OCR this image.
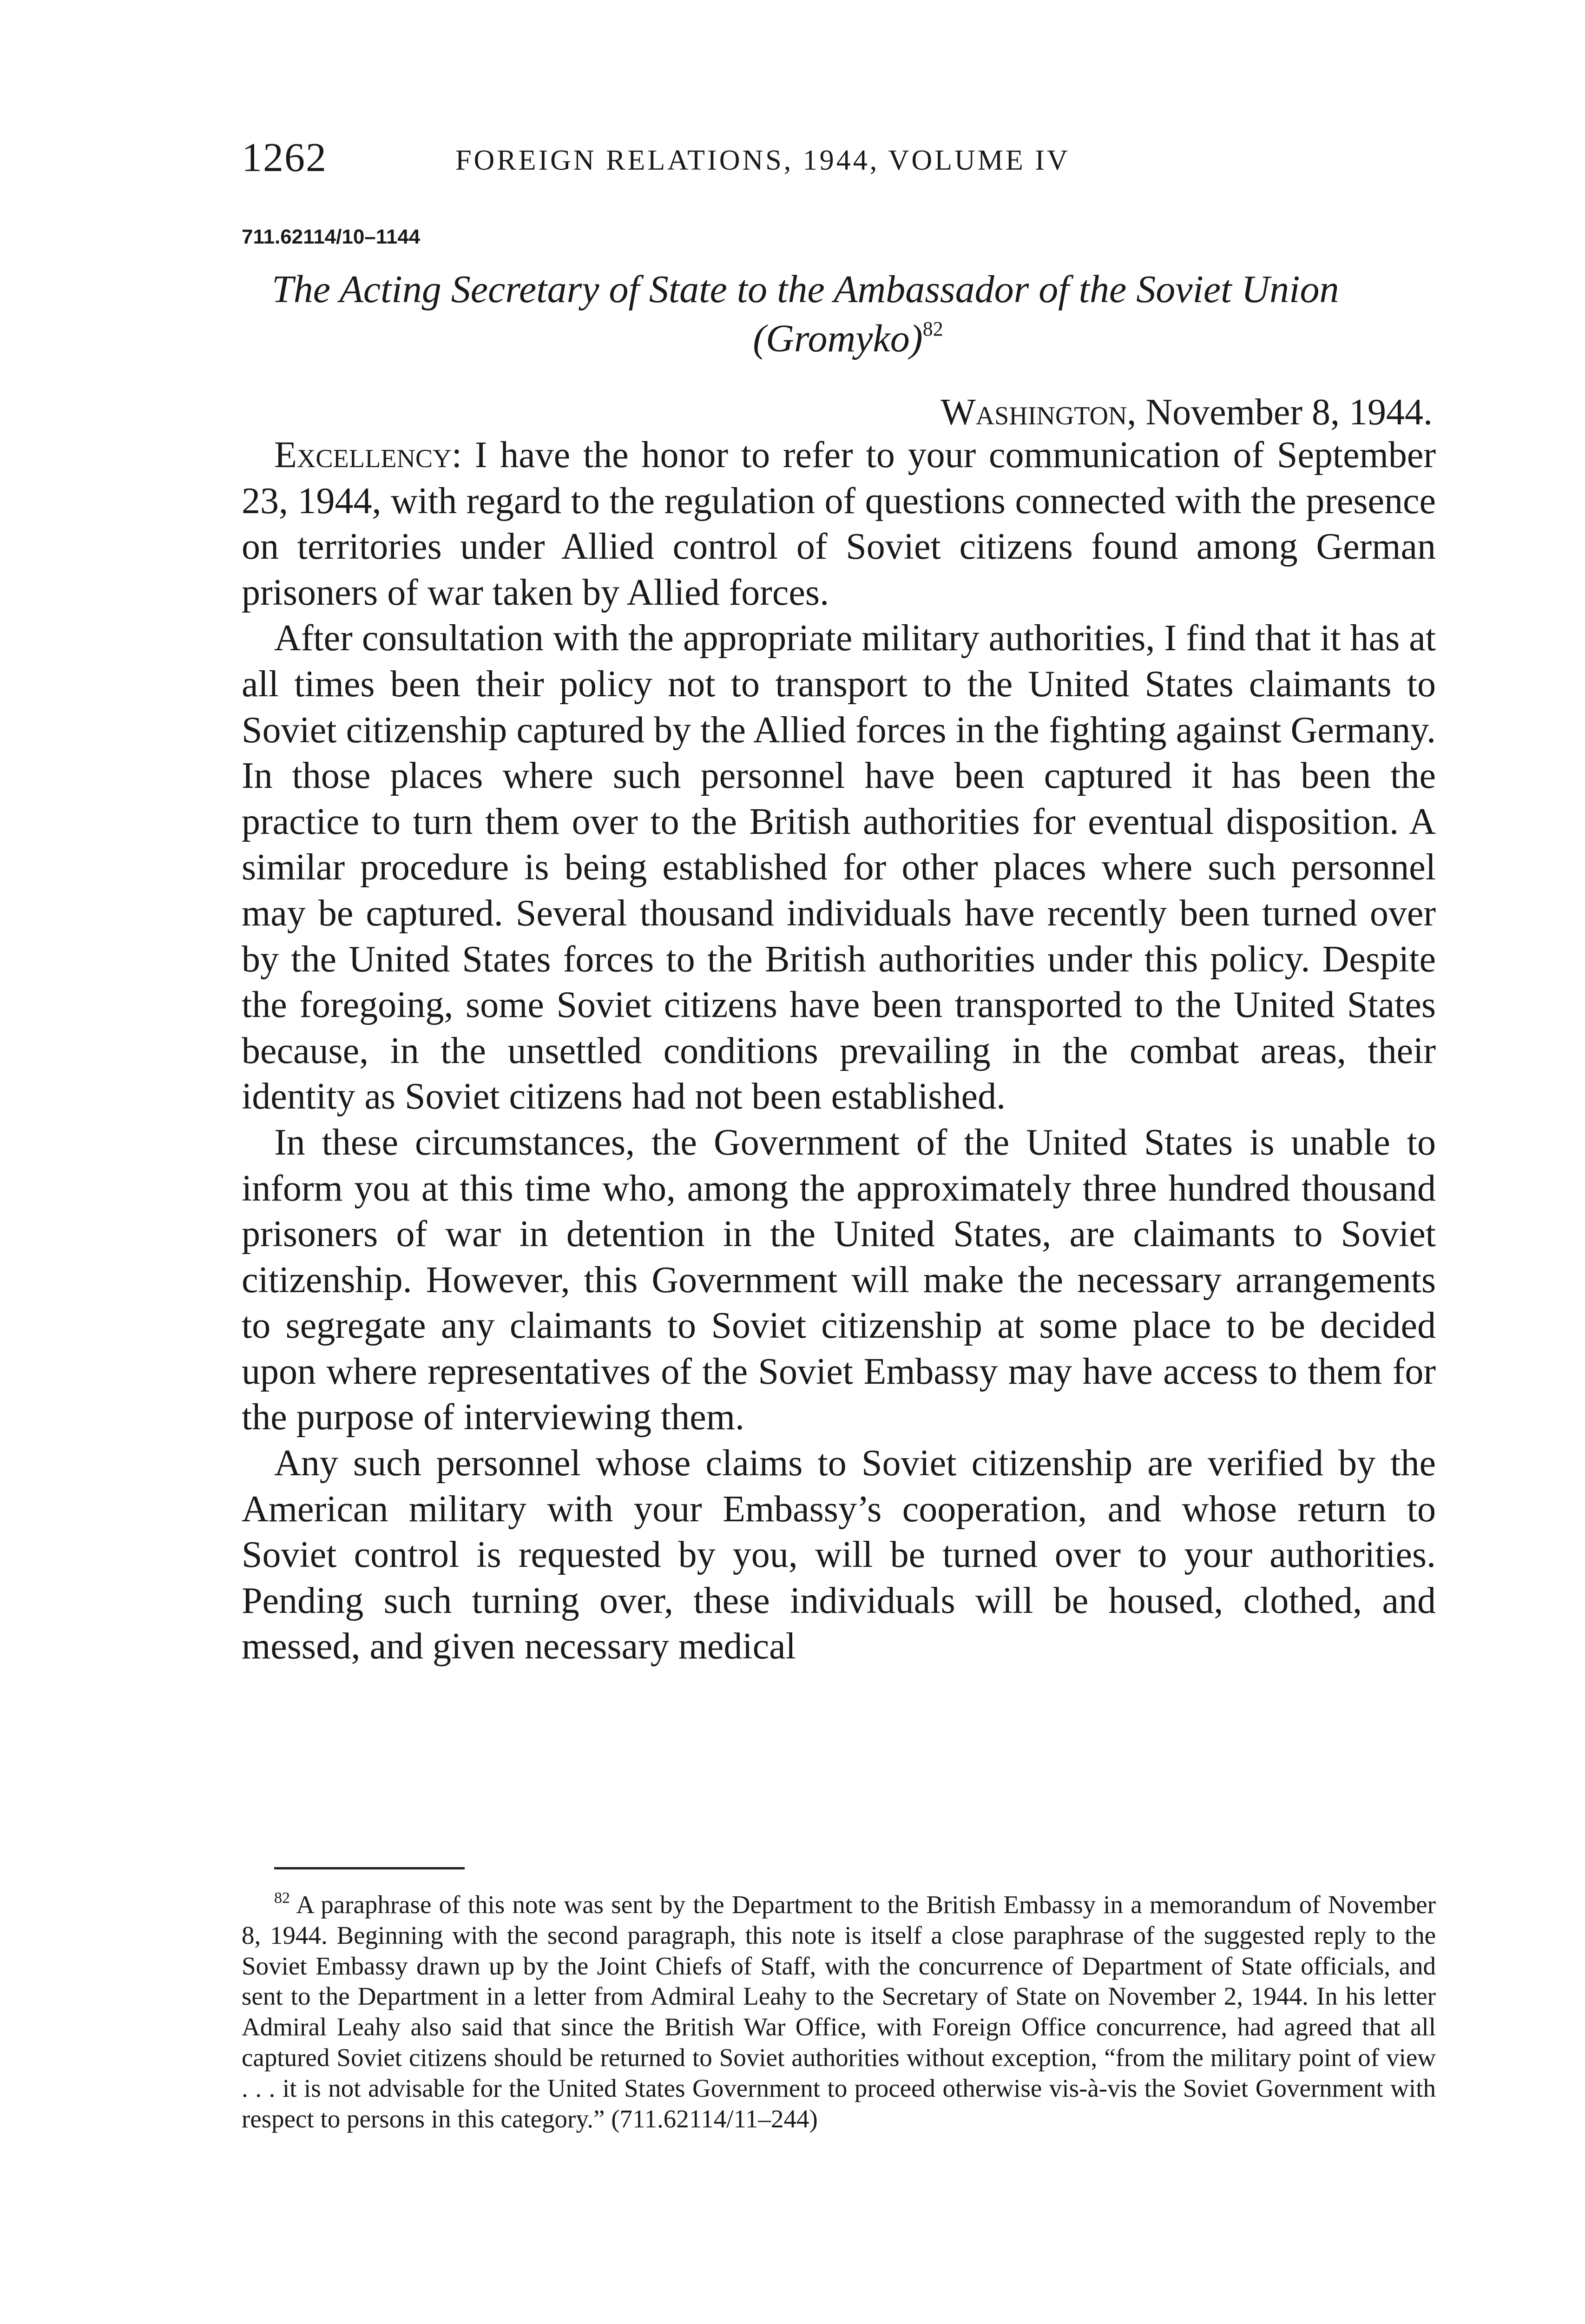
1262	FOREIGN RELATIONS, 1944, VOLUME IV
711.62114/10–1144
The Acting Secretary of State to the Ambassador of the Soviet Union
(Gromyko)$^{82}$
Washington, November 8, 1944.

Excellency: I have the honor to refer to your communication of September 23, 1944, with regard to the regulation of questions connected with the presence on territories under Allied control of Soviet citizens found among German prisoners of war taken by Allied forces.

After consultation with the appropriate military authorities, I find that it has at all times been their policy not to transport to the United States claimants to Soviet citizenship captured by the Allied forces in the fighting against Germany. In those places where such personnel have been captured it has been the practice to turn them over to the British authorities for eventual disposition. A similar procedure is being established for other places where such personnel may be captured. Several thousand individuals have recently been turned over by the United States forces to the British authorities under this policy. Despite the foregoing, some Soviet citizens have been transported to the United States because, in the unsettled conditions prevailing in the combat areas, their identity as Soviet citizens had not been established.

In these circumstances, the Government of the United States is unable to inform you at this time who, among the approximately three hundred thousand prisoners of war in detention in the United States, are claimants to Soviet citizenship. However, this Government will make the necessary arrangements to segregate any claimants to Soviet citizenship at some place to be decided upon where representatives of the Soviet Embassy may have access to them for the purpose of interviewing them.

Any such personnel whose claims to Soviet citizenship are verified by the American military with your Embassy’s cooperation, and whose return to Soviet control is requested by you, will be turned over to your authorities. Pending such turning over, these individuals will be housed, clothed, and messed, and given necessary medical

$^{82}$ A paraphrase of this note was sent by the Department to the British Embassy in a memorandum of November 8, 1944. Beginning with the second paragraph, this note is itself a close paraphrase of the suggested reply to the Soviet Embassy drawn up by the Joint Chiefs of Staff, with the concurrence of Department of State officials, and sent to the Department in a letter from Admiral Leahy to the Secretary of State on November 2, 1944. In his letter Admiral Leahy also said that since the British War Office, with Foreign Office concurrence, had agreed that all captured Soviet citizens should be returned to Soviet authorities without exception, “from the military point of view . . . it is not advisable for the United States Government to proceed otherwise vis-à-vis the Soviet Government with respect to persons in this category.” (711.62114/11–244)
